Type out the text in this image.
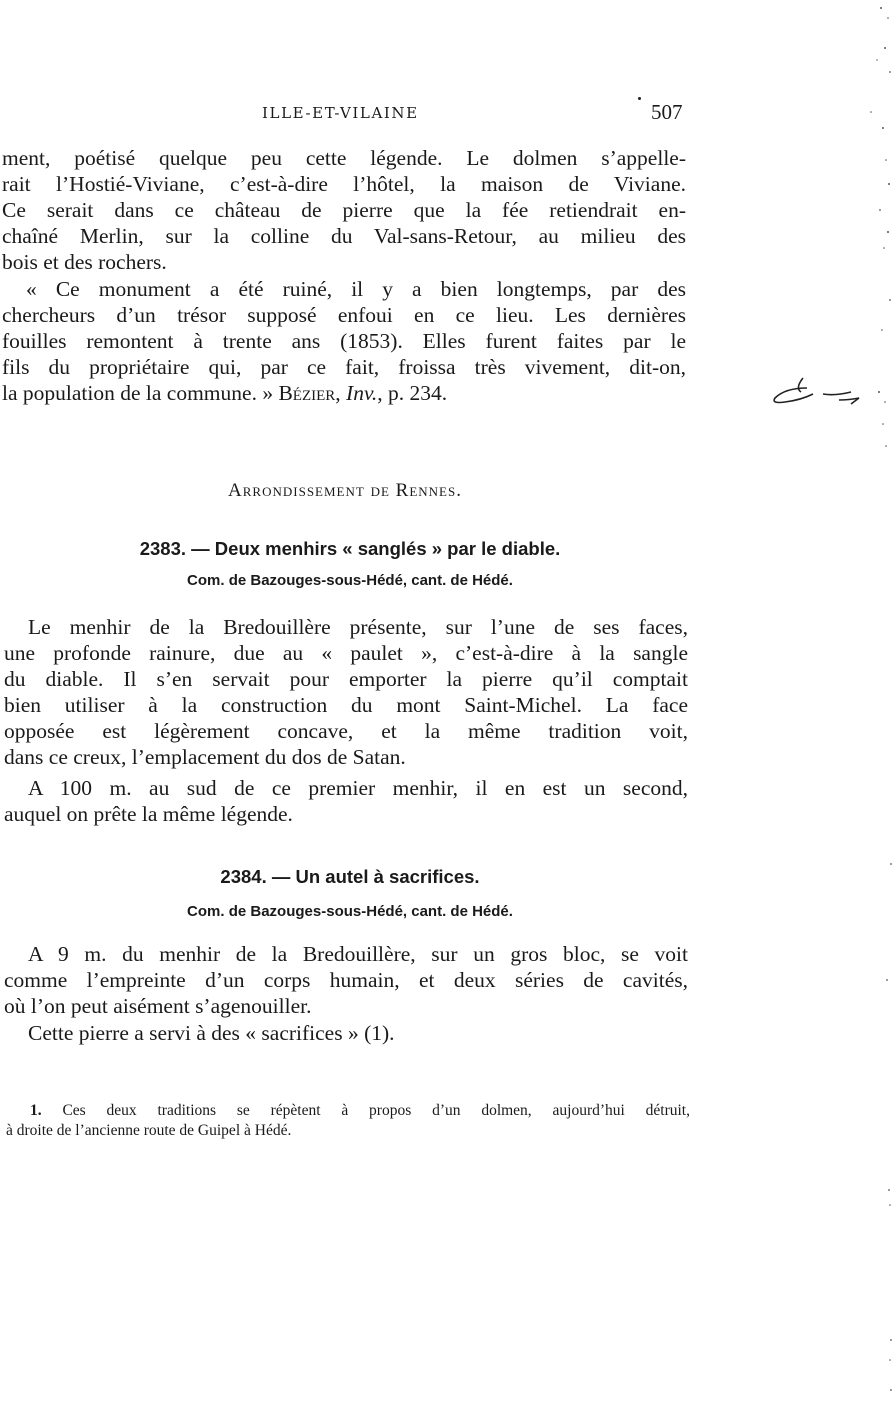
ILLE-ET-VILAINE	507
ment, poétisé quelque peu cette légende. Le dolmen s’appelle-
rait l’Hostié-Viviane, c’est-à-dire l’hôtel, la maison de Viviane.
Ce serait dans ce château de pierre que la fée retiendrait en-
chaîné Merlin, sur la colline du Val-sans-Retour, au milieu des
bois et des rochers.
« Ce monument a été ruiné, il y a bien longtemps, par des
chercheurs d’un trésor supposé enfoui en ce lieu. Les dernières
fouilles remontent à trente ans (1853). Elles furent faites par le
fils du propriétaire qui, par ce fait, froissa très vivement, dit-on,
la population de la commune. » Bézier, Inv., p. 234.
Arrondissement de Rennes.
2383. — Deux menhirs « sanglés » par le diable.
Com. de Bazouges-sous-Hédé, cant. de Hédé.
Le menhir de la Bredouillère présente, sur l’une de ses faces,
une profonde rainure, due au « paulet », c’est-à-dire à la sangle
du diable. Il s’en servait pour emporter la pierre qu’il comptait
bien utiliser à la construction du mont Saint-Michel. La face
opposée est légèrement concave, et la même tradition voit,
dans ce creux, l’emplacement du dos de Satan.
A 100 m. au sud de ce premier menhir, il en est un second,
auquel on prête la même légende.
2384. — Un autel à sacrifices.
Com. de Bazouges-sous-Hédé, cant. de Hédé.
A 9 m. du menhir de la Bredouillère, sur un gros bloc, se voit
comme l’empreinte d’un corps humain, et deux séries de cavités,
où l’on peut aisément s’agenouiller.
Cette pierre a servi à des « sacrifices » (1).
1. Ces deux traditions se répètent à propos d’un dolmen, aujourd’hui détruit,
à droite de l’ancienne route de Guipel à Hédé.
